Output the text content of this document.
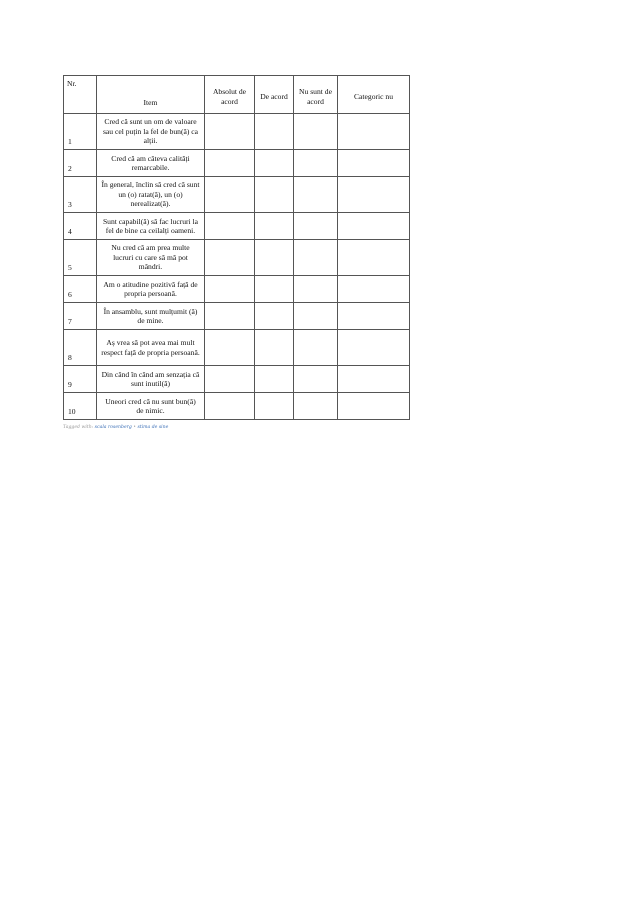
Nr.	Item	Absolut de acord	De acord	Nu sunt de acord	Categoric nu
1	Cred că sunt un om de valoare sau cel puțin la fel de bun(ă) ca alții.				
2	Cred că am câteva calități remarcabile.				
3	În general, înclin să cred că sunt un (o) ratat(ă), un (o) nerealizat(ă).				
4	Sunt capabil(ă) să fac lucruri la fel de bine ca ceilalți oameni.				
5	Nu cred că am prea multe lucruri cu care să mă pot mândri.				
6	Am o atitudine pozitivă față de propria persoană.				
7	În ansamblu, sunt mulțumit (ă) de mine.				
8	Aș vrea să pot avea mai mult respect față de propria persoană.				
9	Din când în când am senzația că sunt inutil(ă)				
10	Uneori cred că nu sunt bun(ă) de nimic.				
Tagged with: scala rosenberg • stima de sine
